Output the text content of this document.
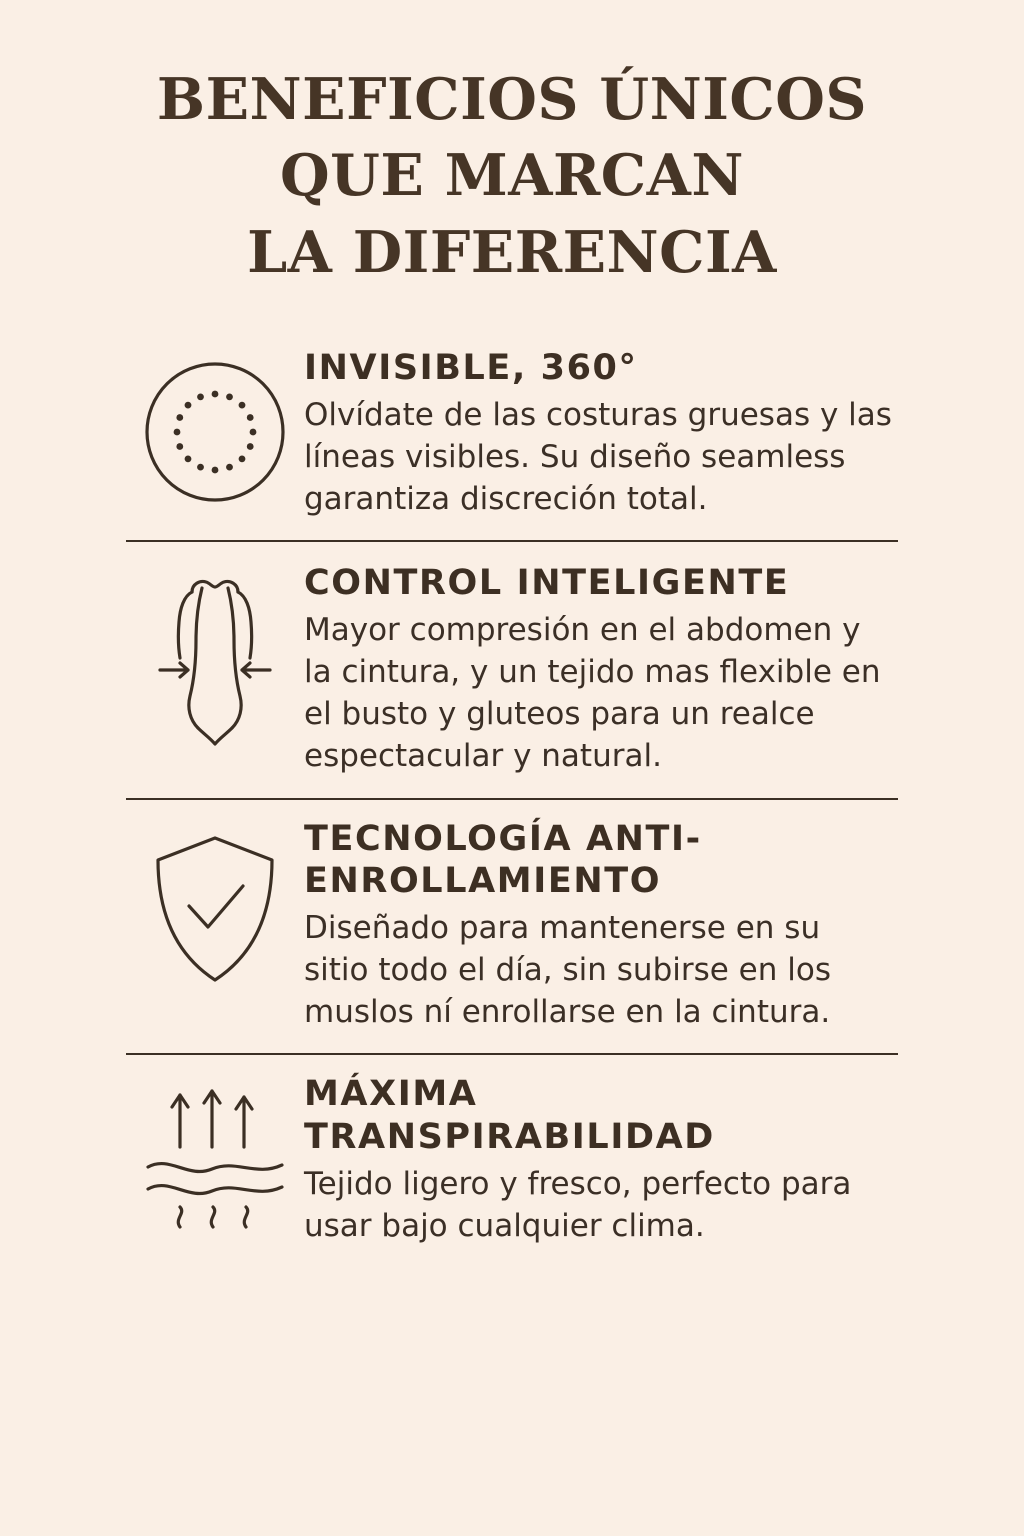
BENEFICIOS ÚNICOS
QUE MARCAN
LA DIFERENCIA

INVISIBLE, 360°

Olvídate de las costuras gruesas y las líneas visibles. Su diseño seamless garantiza discreción total.

CONTROL INTELIGENTE

Mayor compresión en el abdomen y la cintura, y un tejido mas flexible en el busto y gluteos para un realce espectacular y natural.

TECNOLOGÍA ANTI-ENROLLAMIENTO

Diseñado para mantenerse en su sitio todo el día, sin subirse en los muslos ní enrollarse en la cintura.

MÁXIMA TRANSPIRABILIDAD

Tejido ligero y fresco, perfecto para usar bajo cualquier clima.
